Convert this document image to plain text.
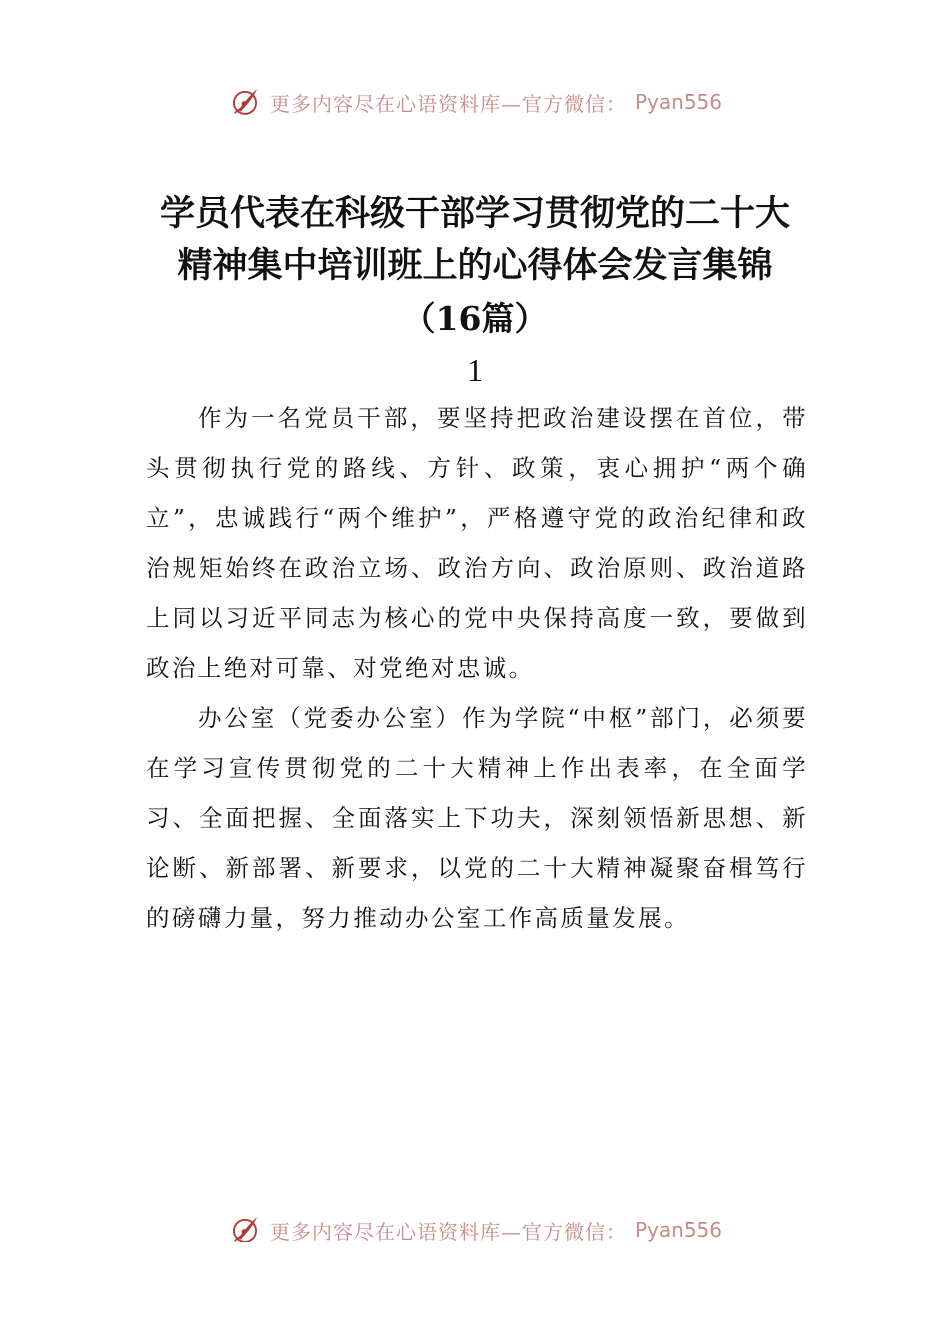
更多内容尽在心语资料库—官方微信： Pyan556
学员代表在科级干部学习贯彻党的二十大
精神集中培训班上的心得体会发言集锦
（16篇）
1

作为一名党员干部，要坚持把政治建设摆在首位，带头贯彻执行党的路线、方针、政策，衷心拥护“两个确立”，忠诚践行“两个维护”，严格遵守党的政治纪律和政治规矩始终在政治立场、政治方向、政治原则、政治道路上同以习近平同志为核心的党中央保持高度一致，要做到政治上绝对可靠、对党绝对忠诚。

办公室（党委办公室）作为学院“中枢”部门，必须要在学习宣传贯彻党的二十大精神上作出表率，在全面学习、全面把握、全面落实上下功夫，深刻领悟新思想、新论断、新部署、新要求，以党的二十大精神凝聚奋楫笃行的磅礴力量，努力推动办公室工作高质量发展。

更多内容尽在心语资料库—官方微信： Pyan556
